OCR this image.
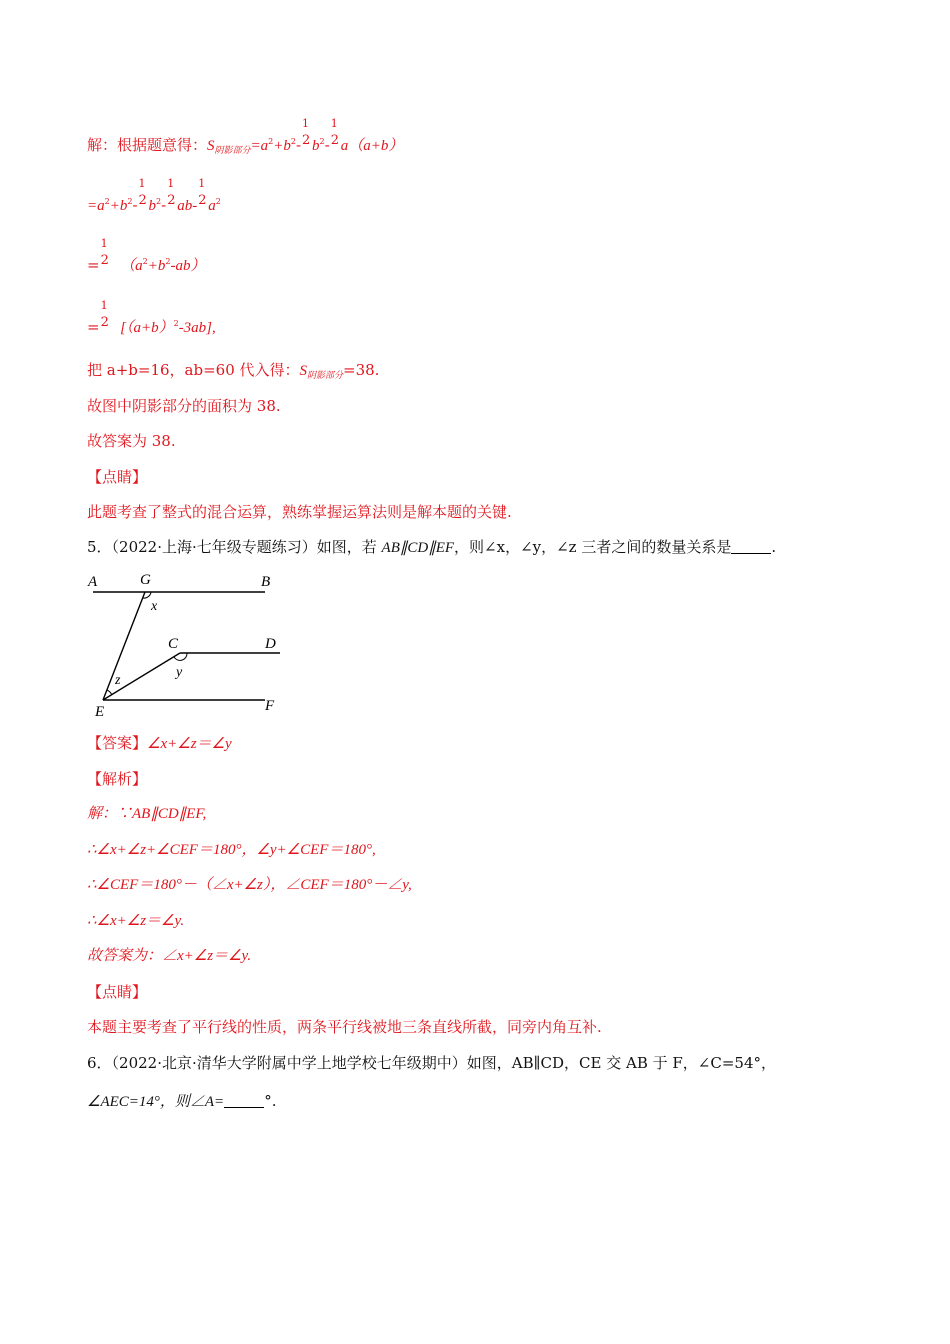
解：根据题意得：$S_{阴影部分}=a^2+b^2-$
1
2 $b^2-$
1
2 a（a+b）
$=a^2+b^2-$
1
2 $b^2-$
1
2 ab-
1
2 $a^2$
=
1
2 $(a^2+b^2-ab)$
=
1
2 $[(a+b)^2-3ab]$,
把 a+b=16，ab=60 代入得：$S_{阴影部分}=38$.
故图中阴影部分的面积为 38.
故答案为 38.
【点睛】
此题考查了整式的混合运算，熟练掌握运算法则是解本题的关键.
5．（2022·上海·七年级专题练习）如图，若 AB∥CD∥EF，则∠x，∠y，∠z 三者之间的数量关系是	.
A	G	B
x
C	D
y
z
E	F
【答案】∠x+∠z＝∠y
【解析】
解：∵AB∥CD∥EF,
∴∠x+∠z+∠CEF＝180°，∠y+∠CEF＝180°,
∴∠CEF＝180°－（∠x+∠z），∠CEF＝180°－∠y,
∴∠x+∠z＝∠y.
故答案为：∠x+∠z＝∠y.
【点睛】
本题主要考查了平行线的性质，两条平行线被地三条直线所截，同旁内角互补.
6．（2022·北京·清华大学附属中学上地学校七年级期中）如图，AB∥CD，CE 交 AB 于 F，∠C=54°，
∠AEC=14°，则∠A=	°.
